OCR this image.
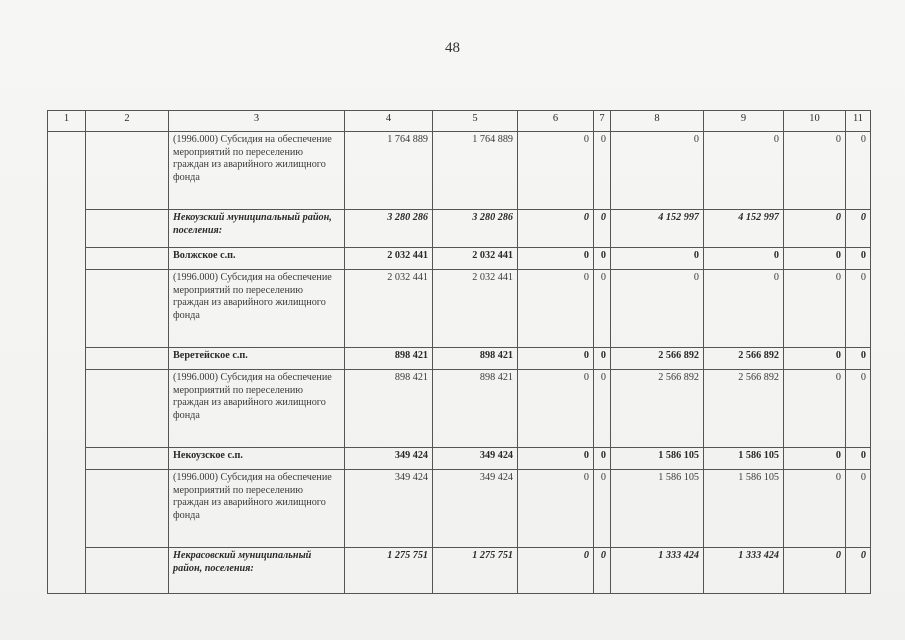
48
1	2	3	4	5	6	7	8	9	10	11
		(1996.000) Субсидия на обеспечение мероприятий по переселению граждан из аварийного жилищного фонда	1 764 889	1 764 889	0	0	0	0	0	0
		Некоузский муниципальный район, поселения:	3 280 286	3 280 286	0	0	4 152 997	4 152 997	0	0
		Волжское с.п.	2 032 441	2 032 441	0	0	0	0	0	0
		(1996.000) Субсидия на обеспечение мероприятий по переселению граждан из аварийного жилищного фонда	2 032 441	2 032 441	0	0	0	0	0	0
		Веретейское с.п.	898 421	898 421	0	0	2 566 892	2 566 892	0	0
		(1996.000) Субсидия на обеспечение мероприятий по переселению граждан из аварийного жилищного фонда	898 421	898 421	0	0	2 566 892	2 566 892	0	0
		Некоузское с.п.	349 424	349 424	0	0	1 586 105	1 586 105	0	0
		(1996.000) Субсидия на обеспечение мероприятий по переселению граждан из аварийного жилищного фонда	349 424	349 424	0	0	1 586 105	1 586 105	0	0
		Некрасовский муниципальный район, поселения:	1 275 751	1 275 751	0	0	1 333 424	1 333 424	0	0
